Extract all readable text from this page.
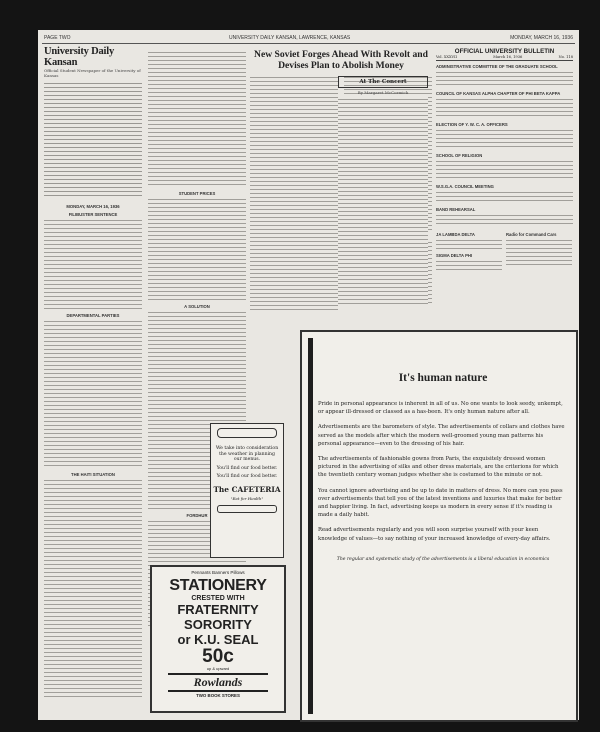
PAGE TWO	UNIVERSITY DAILY KANSAN, LAWRENCE, KANSAS	MONDAY, MARCH 16, 1936
University Daily Kansan
Official Student Newspaper of the University of Kansas
MONDAY, MARCH 16, 1936
FILIBUSTER SENTENCE
DEPARTMENTAL PARTIES
THE HAITI SITUATION
STUDENT PRICES
A SOLUTION
FORDHUR
New Soviet Forges Ahead With Revolt and Devises Plan to Abolish Money
At The Concert
By Margaret McCormick
OFFICIAL UNIVERSITY BULLETIN
Vol. XXXVII	March 16, 1936	No. 118
ADMINISTRATIVE COMMITTEE OF THE GRADUATE SCHOOL
COUNCIL OF KANSAS ALPHA CHAPTER OF PHI BETA KAPPA
ELECTION OF Y. W. C. A. OFFICERS
SCHOOL OF RELIGION
W.S.G.A. COUNCIL MEETING
BAND REHEARSAL
JA LAMBDA DELTA
SIGMA DELTA PHI
Radio for Command Cars
We take into consideration the weather in planning our menus.
You'll find our food better.
You'll find our food better.
The CAFETERIA
"Eat for Health"
Pennants Banners Pillows
STATIONERY
CRESTED WITH
FRATERNITY
SORORITY
or K.U. SEAL
50c
up & upward
Rowlands
TWO BOOK STORES
It's human nature

Pride in personal appearance is inherent in all of us. No one wants to look seedy, unkempt, or appear ill-dressed or classed as a has-been. It's only human nature after all.

Advertisements are the barometers of style. The advertisements of collars and clothes have served as the models after which the modern well-groomed young man patterns his personal appearance—even to the dressing of his hair.

The advertisements of fashionable gowns from Paris, the exquisitely dressed women pictured in the advertising of silks and other dress materials, are the criterions for which the twentieth century woman judges whether she is costumed to the minute or not.

You cannot ignore advertising and be up to date in matters of dress. No more can you pass over advertisements that tell you of the latest inventions and luxuries that make for better and happier living. In fact, advertising keeps us modern in every sense if it's reading is made a daily habit.

Read advertisements regularly and you will soon surprise yourself with your keen knowledge of values—to say nothing of your increased knowledge of every-day affairs.

The regular and systematic study of the advertisements is a liberal education in economics
